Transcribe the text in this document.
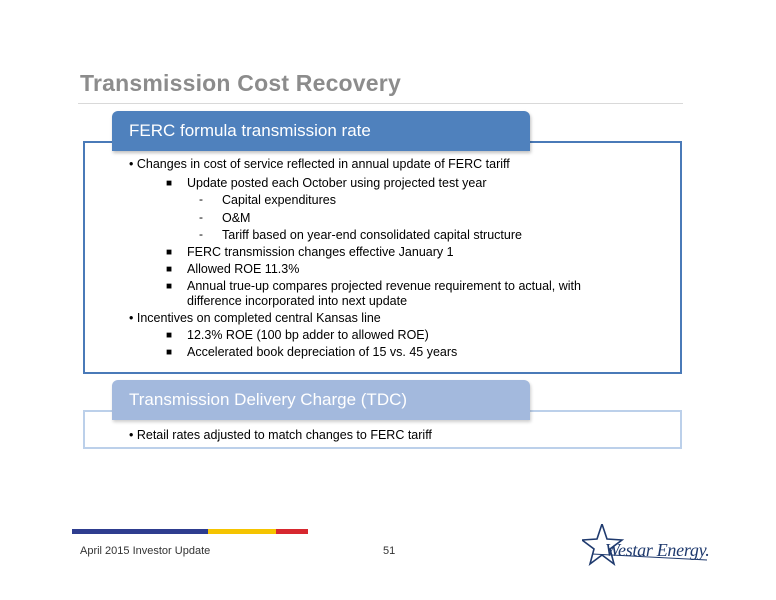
Transmission Cost Recovery
FERC formula transmission rate
• Changes in cost of service reflected in annual update of FERC tariff
■ Update posted each October using projected test year
- Capital expenditures
- O&M
- Tariff based on year-end consolidated capital structure
■ FERC transmission changes effective January 1
■ Allowed ROE 11.3%
■ Annual true-up compares projected revenue requirement to actual, with
difference incorporated into next update
• Incentives on completed central Kansas line
■ 12.3% ROE (100 bp adder to allowed ROE)
■ Accelerated book depreciation of 15 vs. 45 years
Transmission Delivery Charge (TDC)
• Retail rates adjusted to match changes to FERC tariff
April 2015 Investor Update	51	Westar Energy.
